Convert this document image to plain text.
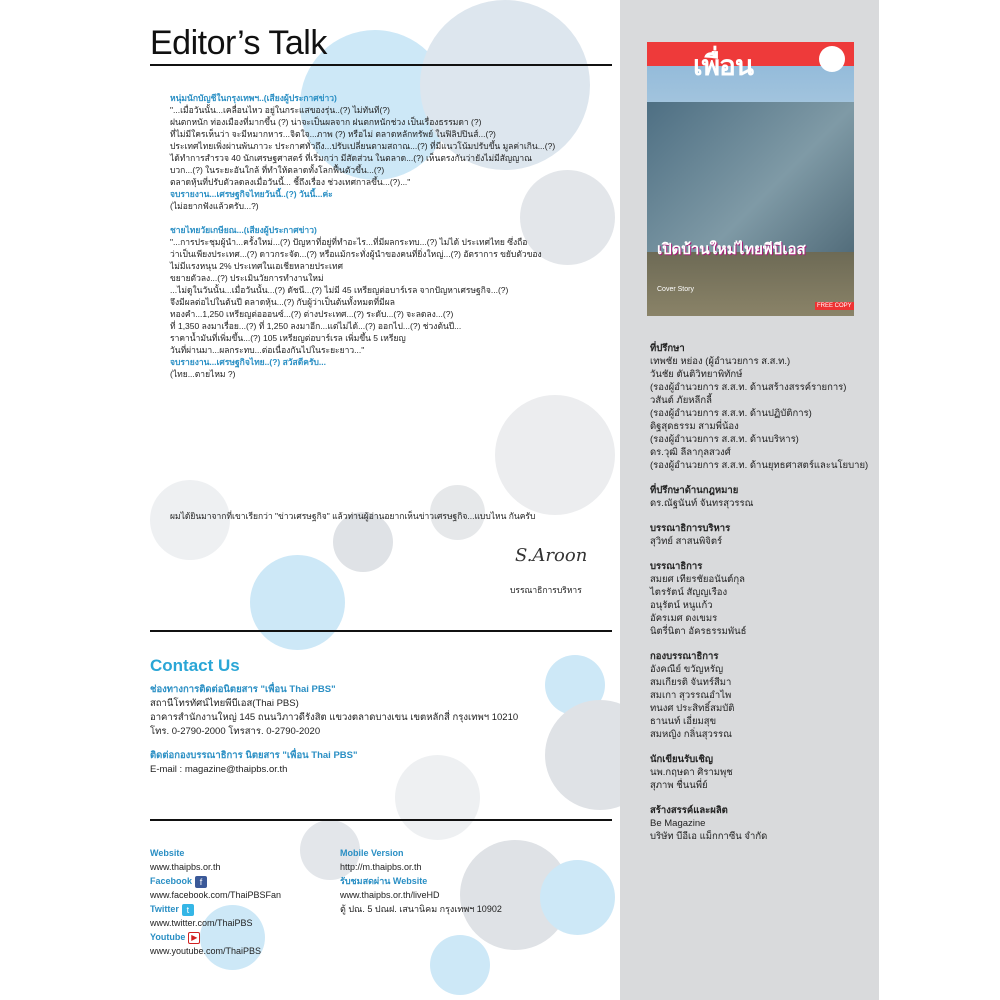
Editor’s Talk

หนุ่มนักบัญชีในกรุงเทพฯ..(เสียงผู้ประกาศข่าว)

"...เมื่อวันนั้น...เคลื่อนไหว อยู่ในกระแสของรุ่น..(?) ไม่ทันที(?)

ฝนตกหนัก ท่องเมืองที่มากขึ้น (?) น่าจะเป็นผลจาก ฝนตกหนักช่วง เป็นเรื่องธรรมดา (?)

ที่ไม่มีใครเห็นว่า จะมีหมากหาร...จิตใจ...ภาพ (?) หรือไม่ ตลาดหลักทรัพย์ ในฟิลิปปินส์...(?)

ประเทศไทยเพิ่งผ่านพ้นภาวะ ประกาศทั่วถึง...ปรับเปลี่ยนตามสถาณ...(?) ที่มีแนวโน้มปรับขึ้น มูลค่าเกิน...(?)

ได้ทำการสำรวจ 40 นักเศรษฐศาสตร์ ที่เริ่มกว่า มีสัดส่วน ในตลาด...(?) เห็นตรงกันว่ายังไม่มีสัญญาณ

บวก...(?) ในระยะอันใกล้ ที่ทำให้ตลาดทั้งโลกฟื้นตัวขึ้น...(?)

ตลาดหุ้นที่ปรับตัวลดลงเมื่อวันนี้... ชี้ถึงเรื่อง ช่วงเทศกาลขึ้น...(?)..."

จบรายงาน...เศรษฐกิจไทยวันนี้..(?) วันนี้...ค่ะ

(ไม่อยากฟังแล้วครับ...?)

ชายไทยวัยเกษียณ...(เสียงผู้ประกาศข่าว)

"...การประชุมผู้นำ...ครั้งใหม่...(?) ปัญหาที่อยู่ที่ทำอะไร...ที่มีผลกระทบ...(?) ไม่ได้ ประเทศไทย ซึ่งถือ

ว่าเป็นเพียงประเทศ...(?) ดาวกระจัด...(?) หรือแม้กระทั่งผู้นำของคนที่ยิ่งใหญ่...(?) อัตราการ ขยับตัวของ

ไม่มีแรงหนุน 2% ประเทศในเอเชียหลายประเทศ

ขยายตัวลง...(?) ประเมินวัยการทำงานใหม่

...ไม่ดูในวันนั้น...เมื่อวันนั้น...(?) ดัชนี...(?) ไม่มี 45 เหรียญต่อบาร์เรล จากปัญหาเศรษฐกิจ...(?)

จึงมีผลต่อไปในต้นปี ตลาดหุ้น...(?) กับผู้ว่าเป็นต้นทั้งหมดที่มีผล

ทองคำ...1,250 เหรียญต่อออนซ์...(?) ต่างประเทศ...(?) ระดับ...(?) จะลดลง...(?)

ที่ 1,350 ลงมาเรื่อย...(?) ที่ 1,250 ลงมาอีก...แต่ไม่ได้...(?) ออกไป...(?) ช่วงต้นปี...

ราคาน้ำมันที่เพิ่มขึ้น...(?) 105 เหรียญต่อบาร์เรล เพิ่มขึ้น 5 เหรียญ

วันที่ผ่านมา...ผลกระทบ...ต่อเนื่องกันไปในระยะยาว..."

จบรายงาน...เศรษฐกิจไทย..(?) สวัสดีครับ...

(ไทย...ตายไหม ?)

ผมได้ยินมาจากที่เขาเรียกว่า "ข่าวเศรษฐกิจ" แล้วท่านผู้อ่านอยากเห็นข่าวเศรษฐกิจ...แบบไหน กันครับ
S.Aroon
บรรณาธิการบริหาร
Contact Us
ช่องทางการติดต่อนิตยสาร "เพื่อน Thai PBS"
สถานีโทรทัศน์ไทยพีบีเอส(Thai PBS)
อาคารสำนักงานใหญ่ 145 ถนนวิภาวดีรังสิต แขวงตลาดบางเขน เขตหลักสี่ กรุงเทพฯ 10210
โทร. 0-2790-2000 โทรสาร. 0-2790-2020
ติดต่อกองบรรณาธิการ นิตยสาร "เพื่อน Thai PBS"
E-mail : magazine@thaipbs.or.th
Website
www.thaipbs.or.th
Facebook f
www.facebook.com/ThaiPBSFan
Twitter t
www.twitter.com/ThaiPBS
Youtube ▶
www.youtube.com/ThaiPBS
Mobile Version
http://m.thaipbs.or.th
รับชมสดผ่าน Website
www.thaipbs.or.th/liveHD
ตู้ ปณ. 5 ปณฝ. เสนานิคม กรุงเทพฯ 10902
เพื่อน
เปิดบ้านใหม่ไทยพีบีเอส
Cover Story
FREE COPY

ที่ปรึกษา

เทพชัย หย่อง (ผู้อำนวยการ ส.ส.ท.)

วันชัย ตันติวิทยาพิทักษ์

(รองผู้อำนวยการ ส.ส.ท. ด้านสร้างสรรค์รายการ)

วสันต์ ภัยหลีกลี้

(รองผู้อำนวยการ ส.ส.ท. ด้านปฏิบัติการ)

ดิฐสุดธรรม สามพี่น้อง

(รองผู้อำนวยการ ส.ส.ท. ด้านบริหาร)

ดร.วุฒิ ลีลากุลสวงศ์

(รองผู้อำนวยการ ส.ส.ท. ด้านยุทธศาสตร์และนโยบาย)

ที่ปรึกษาด้านกฎหมาย

ดร.ณัฐนันท์ จันทรสุวรรณ

บรรณาธิการบริหาร

สุวิทย์ สาสนพิจิตร์

บรรณาธิการ

สมยศ เทียรชัยอนันต์กุล

ไตรรัตน์ สัญญเรือง

อนุรัตน์ หนูแก้ว

อัครเมศ ดงเขมร

นิตรี่นิตา อัครธรรมพันธ์

กองบรรณาธิการ

อังคณีย์ ขวัญหรัญ

สมเกียรติ จันทร์สีมา

สมเกา สุวรรณอำไพ

ทนงศ ประสิทธิ์สมบัติ

ธานนท์ เอี่ยมสุข

สมหญิง กลิ่นสุวรรณ

นักเขียนรับเชิญ

นพ.กฤษดา ศิรามพุช

สุภาพ ชื่นนพี่ย์

สร้างสรรค์และผลิต

Be Magazine

บริษัท บีอีเอ แม็กกาซีน จำกัด
